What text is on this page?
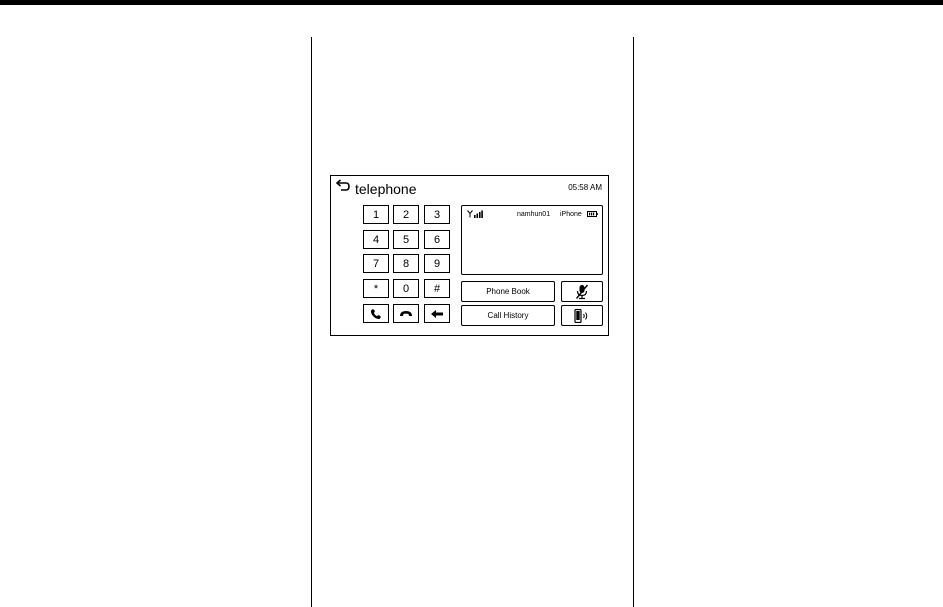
telephone	05:58 AM
1	2	3
4	5	6
7	8	9
*	0	#
namhun01 iPhone
Phone Book
Call History
